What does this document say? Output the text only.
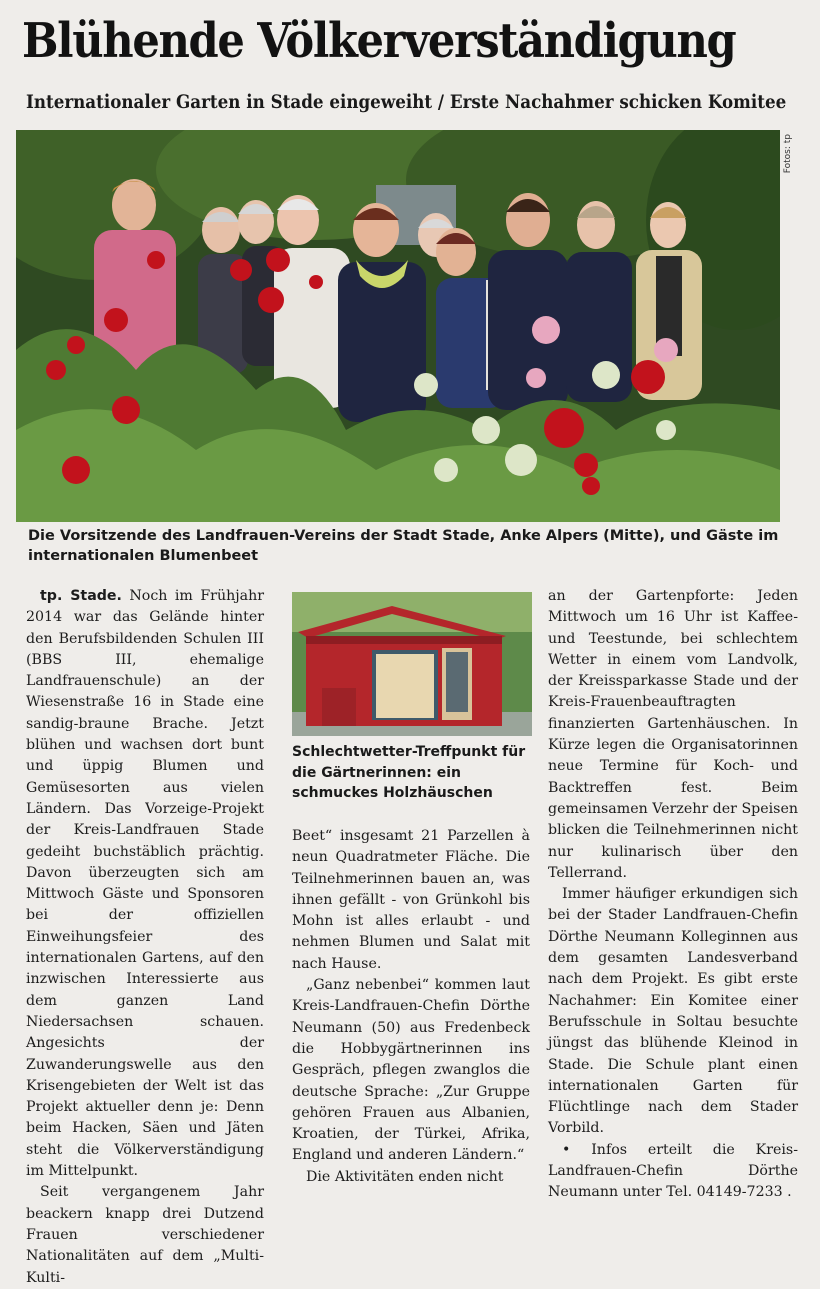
Blühende Völkerverständigung
Internationaler Garten in Stade eingeweiht / Erste Nachahmer schicken Komitee
Fotos: tp
Die Vorsitzende des Landfrauen-Vereins der Stadt Stade, Anke Alpers (Mitte), und Gäste im internationalen Blumenbeet

tp. Stade. Noch im Frühjahr 2014 war das Gelände hinter den Berufsbildenden Schulen III (BBS III, ehemalige Landfrauenschule) an der Wiesenstraße 16 in Stade eine sandig-braune Brache. Jetzt blühen und wachsen dort bunt und üppig Blumen und Gemüsesorten aus vielen Ländern. Das Vorzeige-Projekt der Kreis-Landfrauen Stade gedeiht buchstäblich prächtig. Davon überzeugten sich am Mittwoch Gäste und Sponsoren bei der offiziellen Einweihungsfeier des internationalen Gartens, auf den inzwischen Interessierte aus dem ganzen Land Niedersachsen schauen. Angesichts der Zuwanderungswelle aus den Krisengebieten der Welt ist das Projekt aktueller denn je: Denn beim Hacken, Säen und Jäten steht die Völkerverständigung im Mittelpunkt.

Seit vergangenem Jahr beackern knapp drei Dutzend Frauen verschiedener Nationalitäten auf dem „Multi-Kulti-

Schlechtwetter-Treffpunkt für die Gärtnerinnen: ein schmuckes Holzhäuschen

Beet“ insgesamt 21 Parzellen à neun Quadratmeter Fläche. Die Teilnehmerinnen bauen an, was ihnen gefällt - von Grünkohl bis Mohn ist alles erlaubt - und nehmen Blumen und Salat mit nach Hause.

„Ganz nebenbei“ kommen laut Kreis-Landfrauen-Chefin Dörthe Neumann (50) aus Fredenbeck die Hobbygärtnerinnen ins Gespräch, pflegen zwanglos die deutsche Sprache: „Zur Gruppe gehören Frauen aus Albanien, Kroatien, der Türkei, Afrika, England und anderen Ländern.“

Die Aktivitäten enden nicht

an der Gartenpforte: Jeden Mittwoch um 16 Uhr ist Kaffee- und Teestunde, bei schlechtem Wetter in einem vom Landvolk, der Kreissparkasse Stade und der Kreis-Frauenbeauftragten finanzierten Gartenhäuschen. In Kürze legen die Organisatorinnen neue Termine für Koch- und Backtreffen fest. Beim gemeinsamen Verzehr der Speisen blicken die Teilnehmerinnen nicht nur kulinarisch über den Tellerrand.

Immer häufiger erkundigen sich bei der Stader Landfrauen-Chefin Dörthe Neumann Kolleginnen aus dem gesamten Landesverband nach dem Projekt. Es gibt erste Nachahmer: Ein Komitee einer Berufsschule in Soltau besuchte jüngst das blühende Kleinod in Stade. Die Schule plant einen internationalen Garten für Flüchtlinge nach dem Stader Vorbild.

• Infos erteilt die Kreis-Landfrauen-Chefin Dörthe Neumann unter Tel. 04149-7233 .
